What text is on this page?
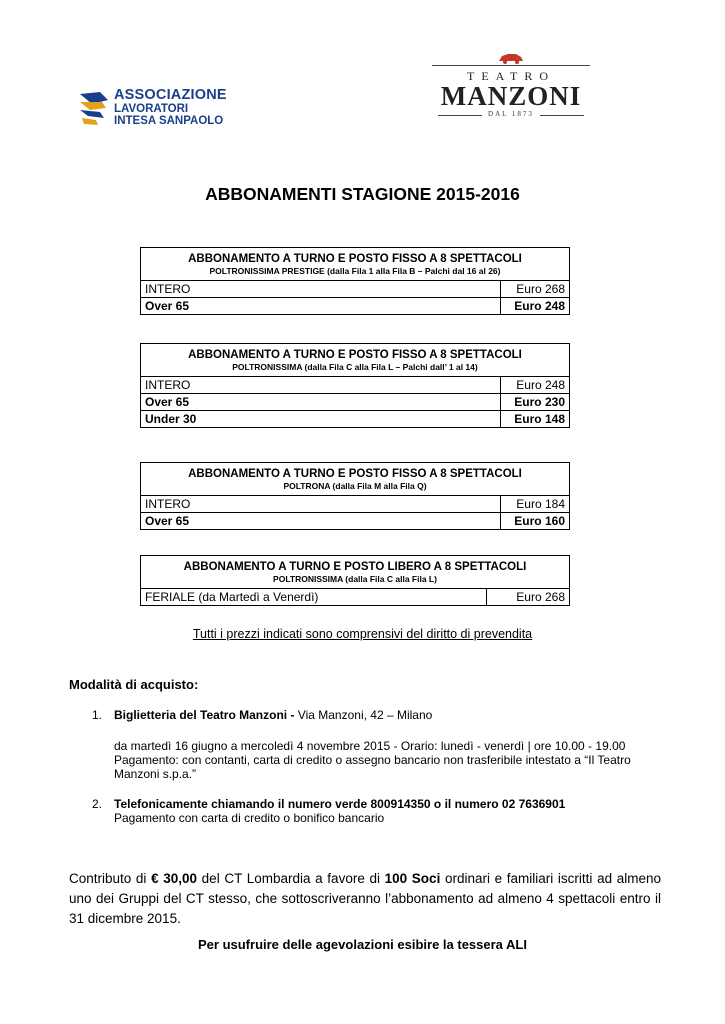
ASSOCIAZIONE
LAVORATORI
INTESA SANPAOLO
TEATRO
MANZONI
DAL 1873
ABBONAMENTI STAGIONE 2015-2016
ABBONAMENTO A TURNO E POSTO FISSO A 8 SPETTACOLI
POLTRONISSIMA PRESTIGE (dalla Fila 1 alla Fila B – Palchi dal 16 al 26)	

INTERO	Euro 268
Over 65	Euro 248
ABBONAMENTO A TURNO E POSTO FISSO A 8 SPETTACOLI
POLTRONISSIMA (dalla Fila C alla Fila L – Palchi dall’ 1 al 14)	

INTERO	Euro 248
Over 65	Euro 230
Under 30	Euro 148
ABBONAMENTO A TURNO E POSTO FISSO A 8 SPETTACOLI
POLTRONA (dalla Fila M alla Fila Q)	

INTERO	Euro 184
Over 65	Euro 160
ABBONAMENTO A TURNO E POSTO LIBERO A 8 SPETTACOLI
POLTRONISSIMA (dalla Fila C alla Fila L)

FERIALE (da Martedì a Venerdì)	Euro 268
Tutti i prezzi indicati sono comprensivi del diritto di prevendita
Modalità di acquisto:
1. Biglietteria del Teatro Manzoni - Via Manzoni, 42 – Milano
da martedì 16 giugno a mercoledì 4 novembre 2015 - Orario: lunedì - venerdì | ore 10.00 - 19.00
Pagamento: con contanti, carta di credito o assegno bancario non trasferibile intestato a “Il Teatro
Manzoni s.p.a.”
2. Telefonicamente chiamando il numero verde 800914350 o il numero 02 7636901
Pagamento con carta di credito o bonifico bancario
Contributo di € 30,00 del CT Lombardia a favore di 100 Soci ordinari e familiari iscritti ad almeno uno dei Gruppi del CT stesso, che sottoscriveranno l’abbonamento ad almeno 4 spettacoli entro il 31 dicembre 2015.
Per usufruire delle agevolazioni esibire la tessera ALI
